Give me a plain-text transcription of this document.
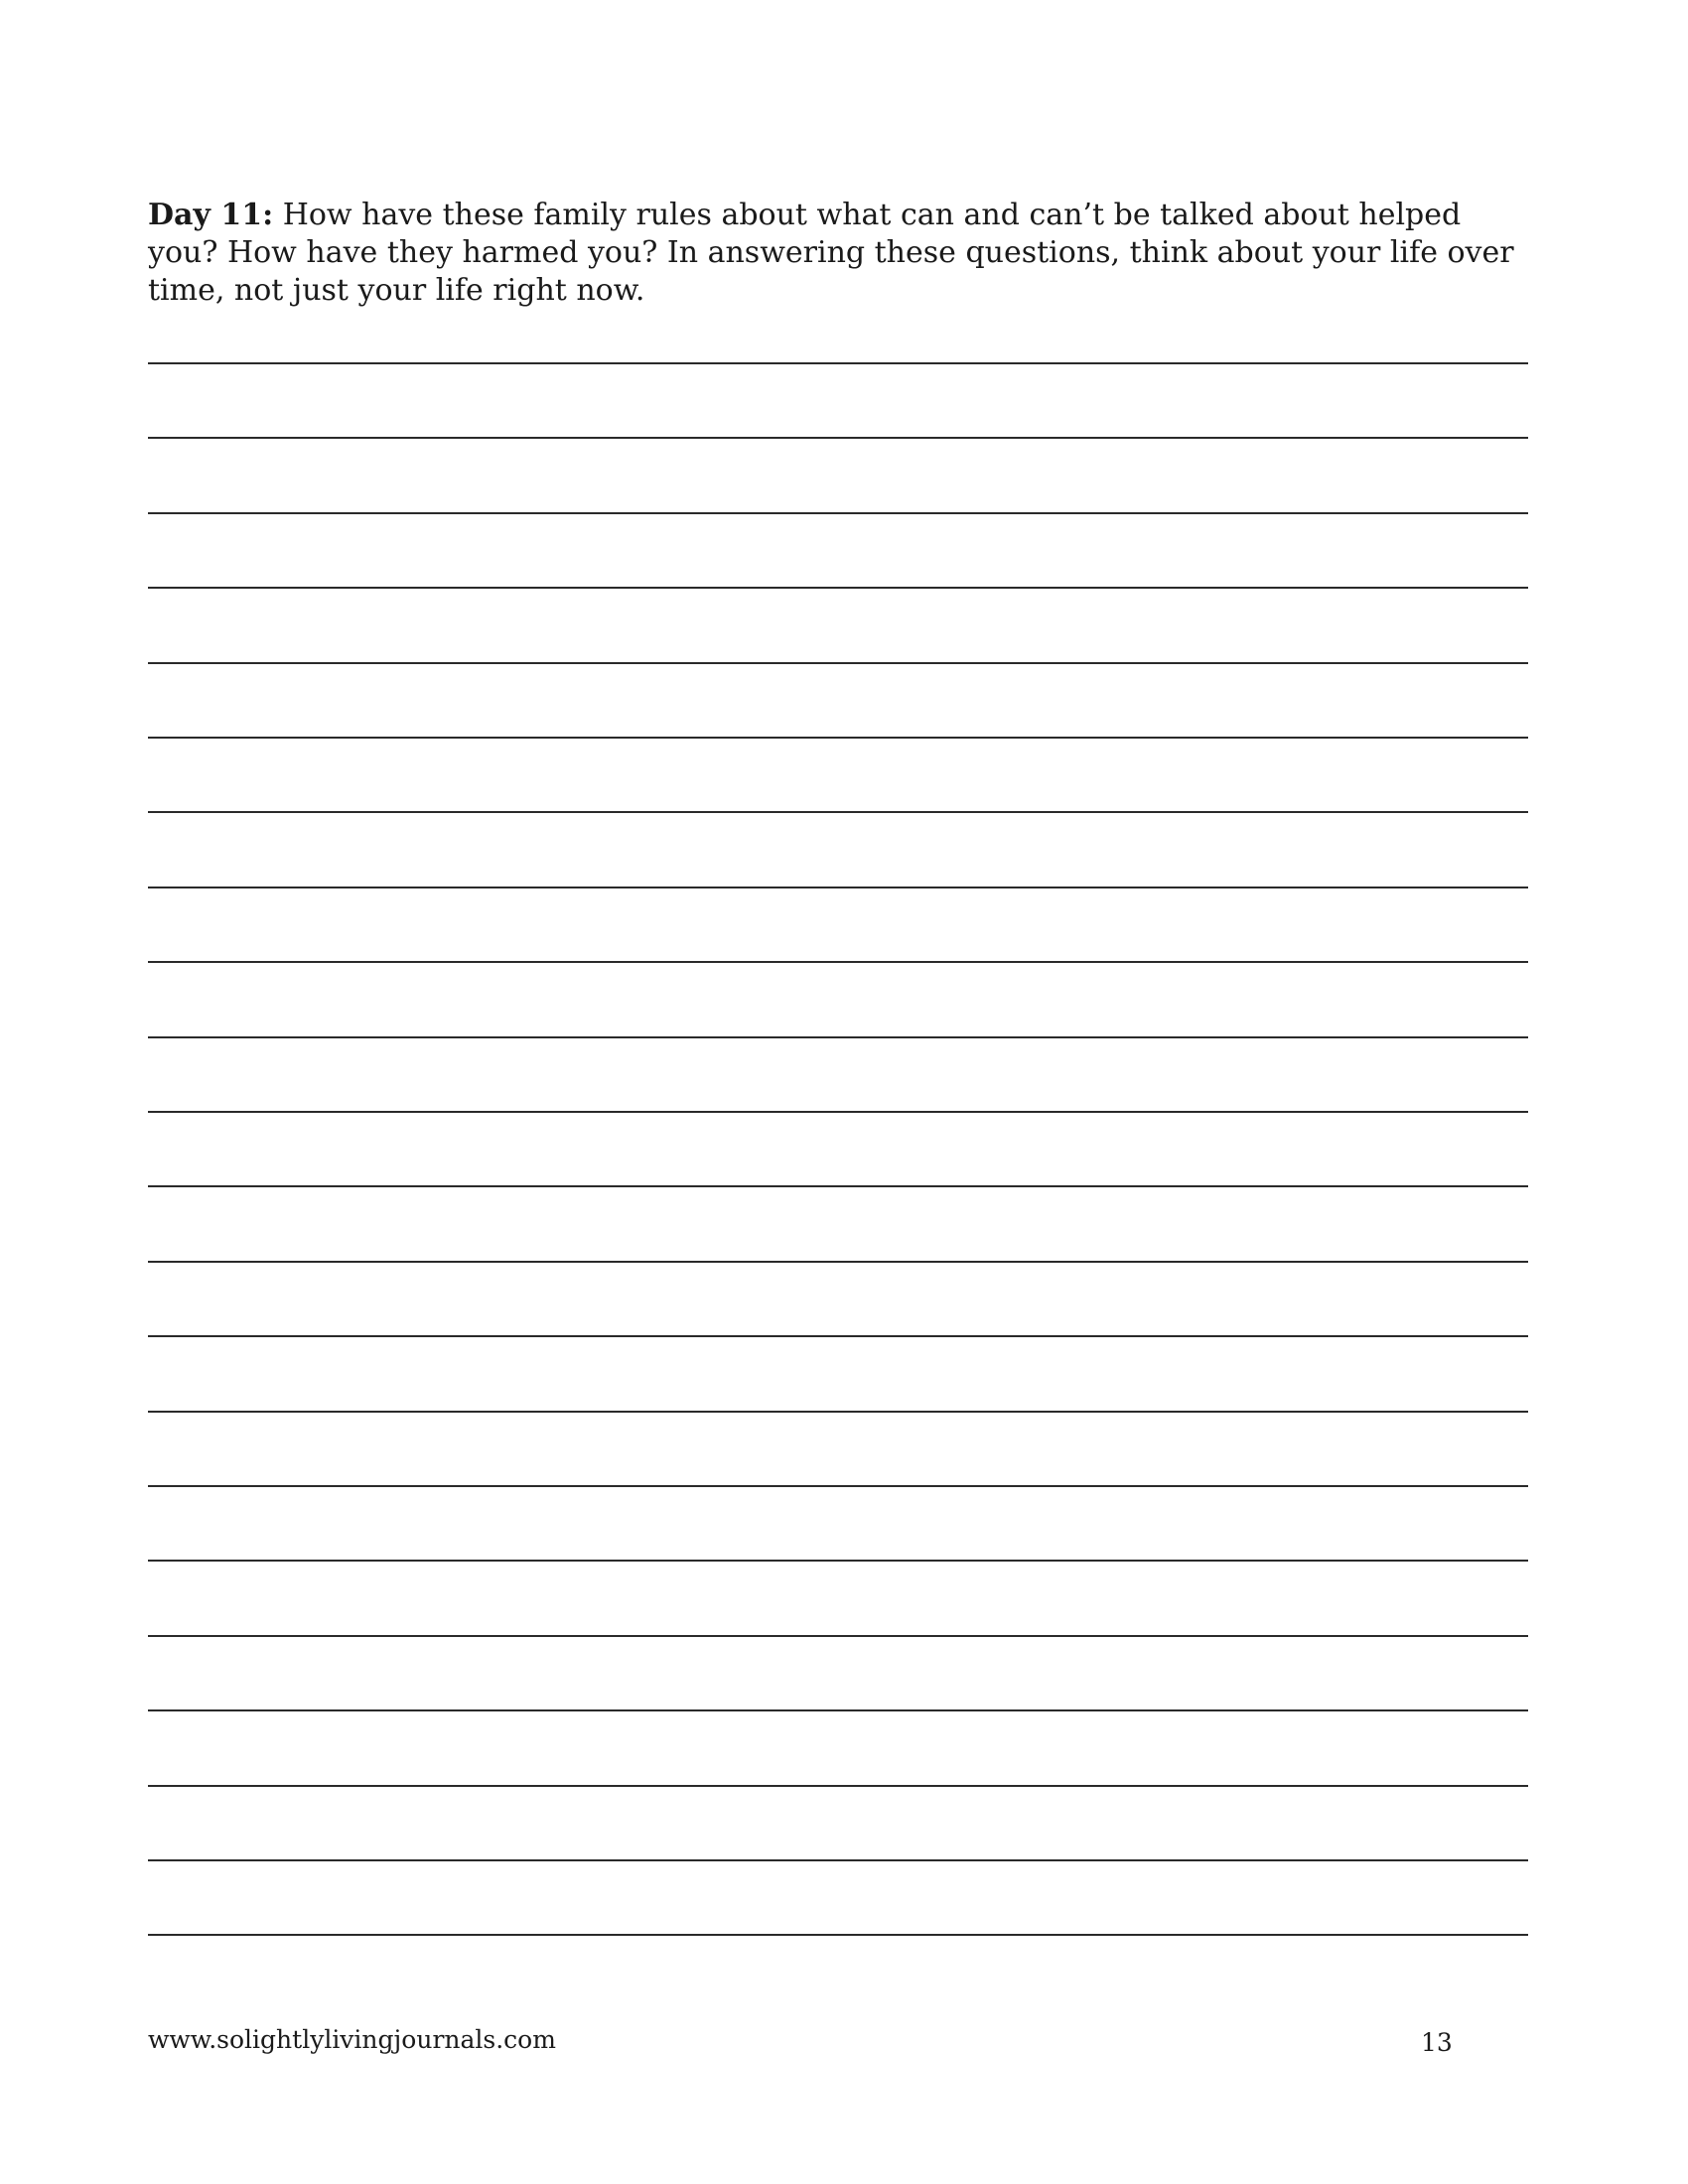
Day 11: How have these family rules about what can and can’t be talked about helped you? How have they harmed you? In answering these questions, think about your life over time, not just your life right now.

www.solightlylivingjournals.com	13
